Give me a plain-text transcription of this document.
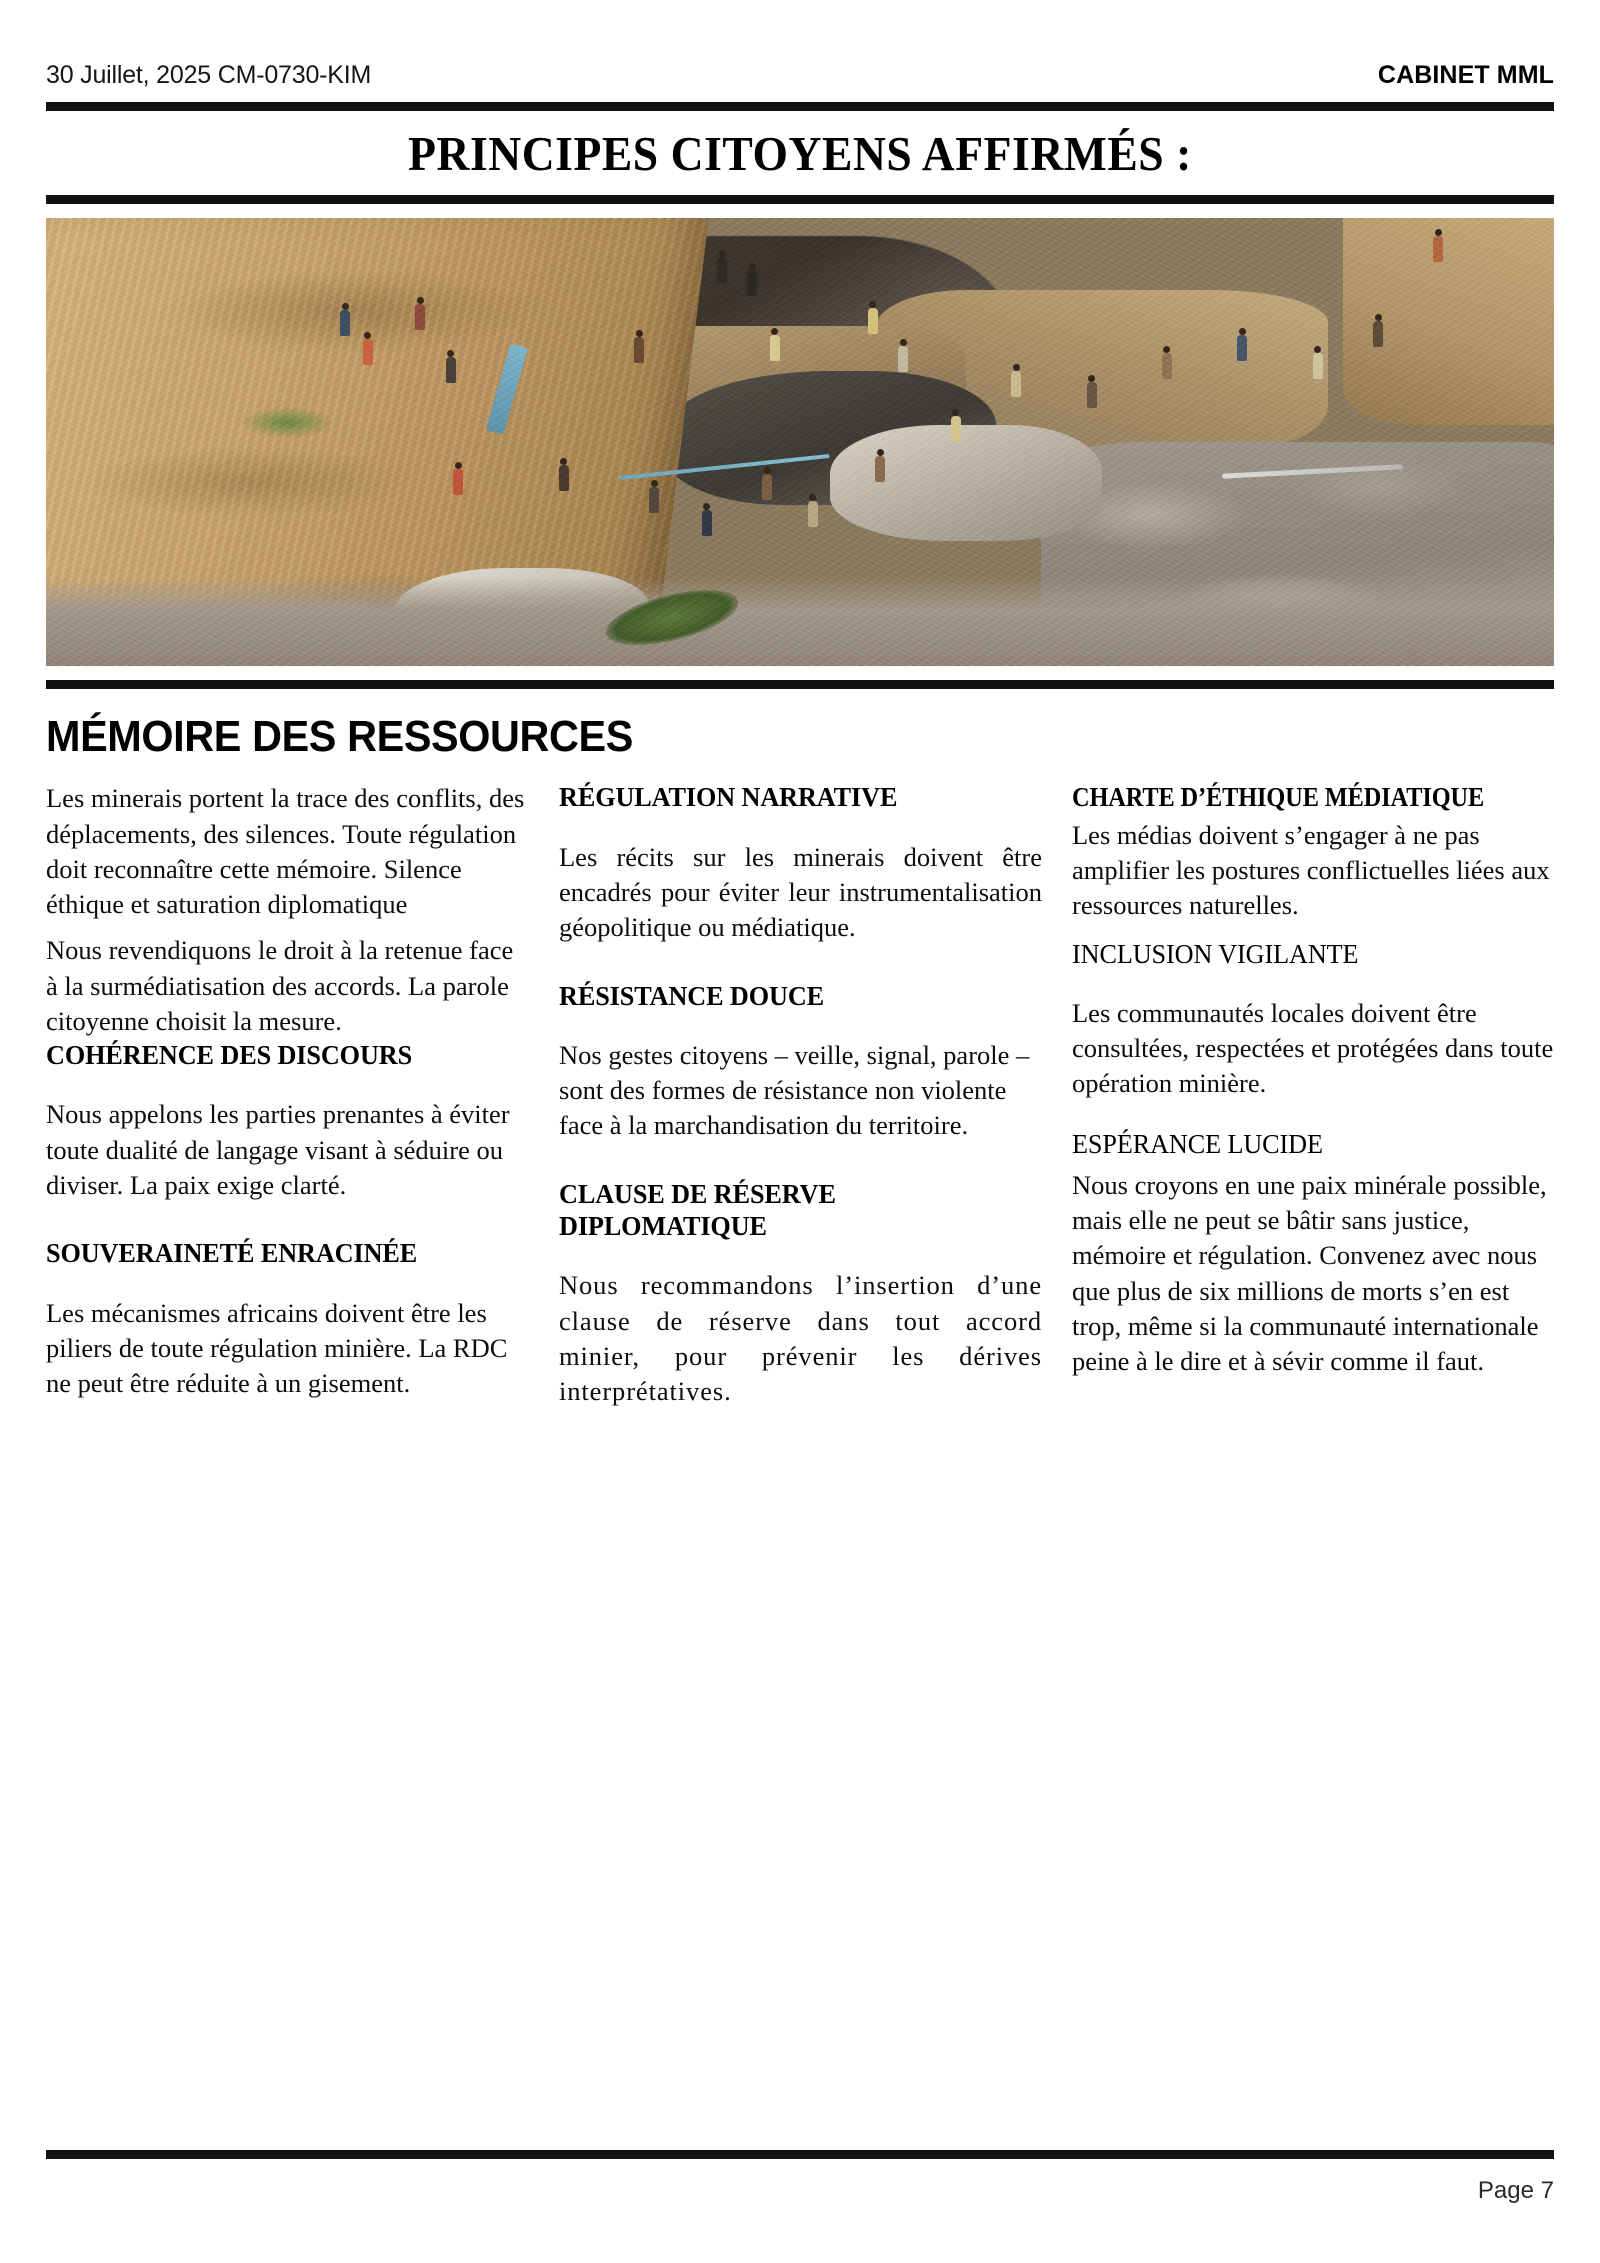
30 Juillet, 2025 CM-0730-KIM	CABINET MML
PRINCIPES CITOYENS AFFIRMÉS :
MÉMOIRE DES RESSOURCES

Les minerais portent la trace des conflits, des déplacements, des silences. Toute régulation doit reconnaître cette mémoire. Silence éthique et saturation diplomatique

Nous revendiquons le droit à la retenue face à la surmédiatisation des accords. La parole citoyenne choisit la mesure.

COHÉRENCE DES DISCOURS

Nous appelons les parties prenantes à éviter toute dualité de langage visant à séduire ou diviser. La paix exige clarté.

SOUVERAINETÉ ENRACINÉE

Les mécanismes africains doivent être les piliers de toute régulation minière. La RDC ne peut être réduite à un gisement.

RÉGULATION NARRATIVE

Les récits sur les minerais doivent être encadrés pour éviter leur instrumentalisation géopolitique ou médiatique.

RÉSISTANCE DOUCE

Nos gestes citoyens – veille, signal, parole – sont des formes de résistance non violente face à la marchandisation du territoire.

CLAUSE DE RÉSERVE DIPLOMATIQUE

Nous recommandons l’insertion d’une clause de réserve dans tout accord minier, pour prévenir les dérives interprétatives.

CHARTE D’ÉTHIQUE MÉDIATIQUE

Les médias doivent s’engager à ne pas amplifier les postures conflictuelles liées aux ressources naturelles.

INCLUSION VIGILANTE

Les communautés locales doivent être consultées, respectées et protégées dans toute opération minière.

ESPÉRANCE LUCIDE

Nous croyons en une paix minérale possible, mais elle ne peut se bâtir sans justice, mémoire et régulation. Convenez avec nous que plus de six millions de morts s’en est trop, même si la communauté internationale peine à le dire et à sévir comme il faut.

Page 7
